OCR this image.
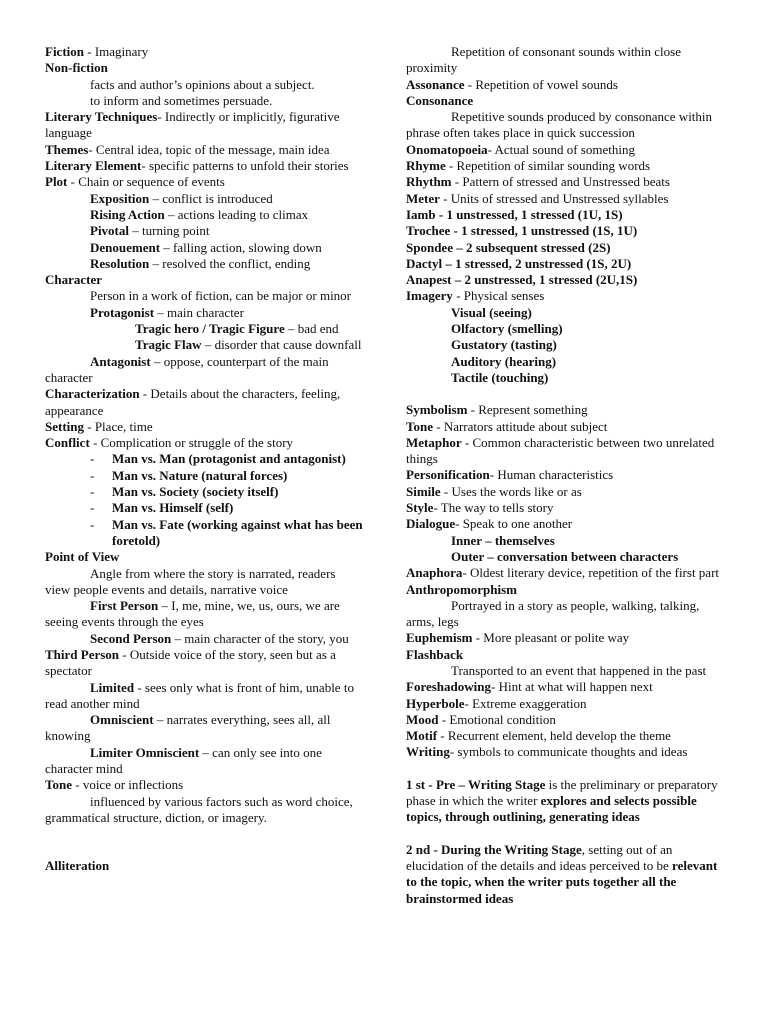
Fiction - Imaginary
Non-fiction
facts and author’s opinions about a subject.
to inform and sometimes persuade.
Literary Techniques- Indirectly or implicitly, figurative language
Themes- Central idea, topic of the message, main idea
Literary Element- specific patterns to unfold their stories
Plot - Chain or sequence of events
Exposition – conflict is introduced
Rising Action – actions leading to climax
Pivotal – turning point
Denouement – falling action, slowing down
Resolution – resolved the conflict, ending
Character
Person in a work of fiction, can be major or minor
Protagonist – main character
Tragic hero / Tragic Figure – bad end
Tragic Flaw – disorder that cause downfall
Antagonist – oppose, counterpart of the main character
Characterization - Details about the characters, feeling, appearance
Setting - Place, time
Conflict - Complication or struggle of the story
-	Man vs. Man (protagonist and antagonist)
-	Man vs. Nature (natural forces)
-	Man vs. Society (society itself)
-	Man vs. Himself (self)
-	Man vs. Fate (working against what has been foretold)
Point of View
Angle from where the story is narrated, readers view people events and details, narrative voice
First Person – I, me, mine, we, us, ours, we are seeing events through the eyes
Second Person – main character of the story, you
Third Person - Outside voice of the story, seen but as a spectator
Limited - sees only what is front of him, unable to read another mind
Omniscient – narrates everything, sees all, all knowing
Limiter Omniscient – can only see into one character mind
Tone - voice or inflections
influenced by various factors such as word choice, grammatical structure, diction, or imagery.
Alliteration
Repetition of consonant sounds within close proximity
Assonance - Repetition of vowel sounds
Consonance
Repetitive sounds produced by consonance within phrase often takes place in quick succession
Onomatopoeia- Actual sound of something
Rhyme - Repetition of similar sounding words
Rhythm - Pattern of stressed and Unstressed beats
Meter - Units of stressed and Unstressed syllables
Iamb - 1 unstressed, 1 stressed (1U, 1S)
Trochee - 1 stressed, 1 unstressed (1S, 1U)
Spondee – 2 subsequent stressed (2S)
Dactyl – 1 stressed, 2 unstressed (1S, 2U)
Anapest – 2 unstressed, 1 stressed (2U,1S)
Imagery - Physical senses
Visual (seeing)
Olfactory (smelling)
Gustatory (tasting)
Auditory (hearing)
Tactile (touching)
Symbolism - Represent something
Tone - Narrators attitude about subject
Metaphor - Common characteristic between two unrelated things
Personification- Human characteristics
Simile - Uses the words like or as
Style- The way to tells story
Dialogue- Speak to one another
Inner – themselves
Outer – conversation between characters
Anaphora- Oldest literary device, repetition of the first part
Anthropomorphism
Portrayed in a story as people, walking, talking, arms, legs
Euphemism - More pleasant or polite way
Flashback
Transported to an event that happened in the past
Foreshadowing- Hint at what will happen next
Hyperbole- Extreme exaggeration
Mood - Emotional condition
Motif - Recurrent element, held develop the theme
Writing- symbols to communicate thoughts and ideas
1 st - Pre – Writing Stage is the preliminary or preparatory phase in which the writer explores and selects possible topics, through outlining, generating ideas
2 nd - During the Writing Stage, setting out of an elucidation of the details and ideas perceived to be relevant to the topic, when the writer puts together all the brainstormed ideas
